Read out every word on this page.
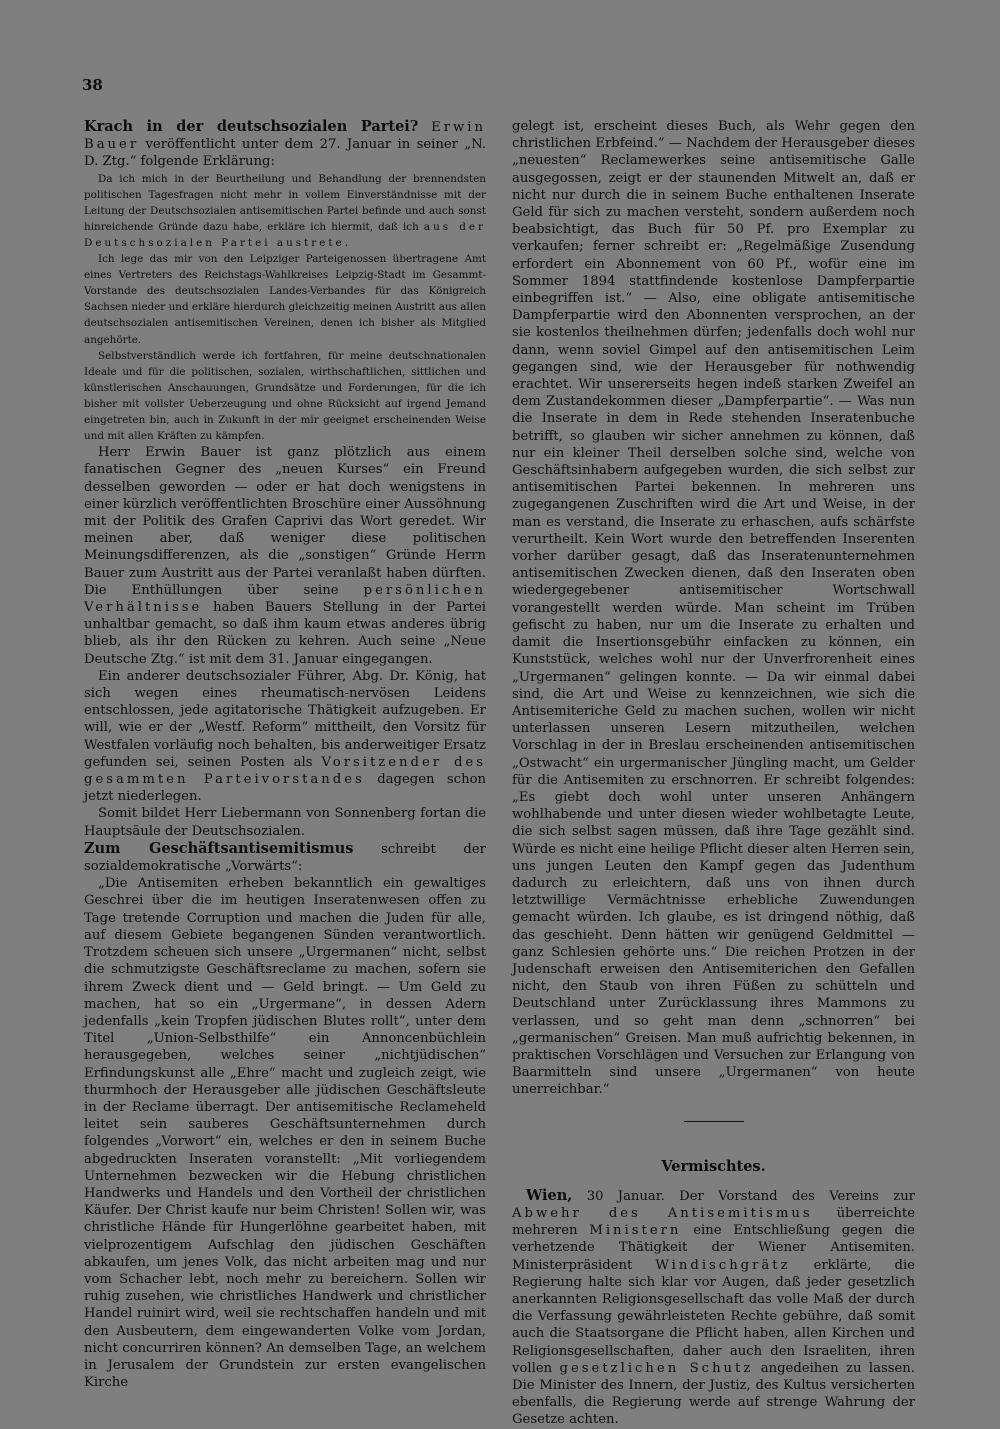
38

Krach in der deutschsozialen Partei? Erwin Bauer veröffentlicht unter dem 27. Januar in seiner „N. D. Ztg.“ folgende Erklärung:

Da ich mich in der Beurtheilung und Behandlung der brennendsten politischen Tagesfragen nicht mehr in vollem Einverständnisse mit der Leitung der Deutschsozialen antisemitischen Partei befinde und auch sonst hinreichende Gründe dazu habe, erkläre ich hiermit, daß ich aus der Deutschsozialen Partei austrete.

Ich lege das mir von den Leipziger Parteigenossen übertragene Amt eines Vertreters des Reichstags-Wahlkreises Leipzig-Stadt im Gesammt-Vorstande des deutschsozialen Landes-Verbandes für das Königreich Sachsen nieder und erkläre hierdurch gleichzeitig meinen Austritt aus allen deutschsozialen antisemitischen Vereinen, denen ich bisher als Mitglied angehörte.

Selbstverständlich werde ich fortfahren, für meine deutschnationalen Ideale und für die politischen, sozialen, wirthschaftlichen, sittlichen und künstlerischen Anschauungen, Grundsätze und Forderungen, für die ich bisher mit vollster Ueberzeugung und ohne Rücksicht auf irgend Jemand eingetreten bin, auch in Zukunft in der mir geeignet erscheinenden Weise und mit allen Kräften zu kämpfen.

Herr Erwin Bauer ist ganz plötzlich aus einem fanatischen Gegner des „neuen Kurses“ ein Freund desselben geworden — oder er hat doch wenigstens in einer kürzlich veröffentlichten Broschüre einer Aussöhnung mit der Politik des Grafen Caprivi das Wort geredet. Wir meinen aber, daß weniger diese politischen Meinungsdifferenzen, als die „sonstigen“ Gründe Herrn Bauer zum Austritt aus der Partei veranlaßt haben dürften. Die Enthüllungen über seine persönlichen Verhältnisse haben Bauers Stellung in der Partei unhaltbar gemacht, so daß ihm kaum etwas anderes übrig blieb, als ihr den Rücken zu kehren. Auch seine „Neue Deutsche Ztg.“ ist mit dem 31. Januar eingegangen.

Ein anderer deutschsozialer Führer, Abg. Dr. König, hat sich wegen eines rheumatisch-nervösen Leidens entschlossen, jede agitatorische Thätigkeit aufzugeben. Er will, wie er der „Westf. Reform“ mittheilt, den Vorsitz für Westfalen vorläufig noch behalten, bis anderweitiger Ersatz gefunden sei, seinen Posten als Vorsitzender des gesammten Parteivorstandes dagegen schon jetzt niederlegen.

Somit bildet Herr Liebermann von Sonnenberg fortan die Hauptsäule der Deutschsozialen.

Zum Geschäftsantisemitismus schreibt der sozialdemokratische „Vorwärts“:

„Die Antisemiten erheben bekanntlich ein gewaltiges Geschrei über die im heutigen Inseratenwesen offen zu Tage tretende Corruption und machen die Juden für alle, auf diesem Gebiete begangenen Sünden verantwortlich. Trotzdem scheuen sich unsere „Urgermanen“ nicht, selbst die schmutzigste Geschäftsreclame zu machen, sofern sie ihrem Zweck dient und — Geld bringt. — Um Geld zu machen, hat so ein „Urgermane“, in dessen Adern jedenfalls „kein Tropfen jüdischen Blutes rollt“, unter dem Titel „Union-Selbsthilfe“ ein Annoncenbüchlein herausgegeben, welches seiner „nichtjüdischen“ Erfindungskunst alle „Ehre“ macht und zugleich zeigt, wie thurmhoch der Herausgeber alle jüdischen Geschäftsleute in der Reclame überragt. Der antisemitische Reclameheld leitet sein sauberes Geschäftsunternehmen durch folgendes „Vorwort“ ein, welches er den in seinem Buche abgedruckten Inseraten voranstellt: „Mit vorliegendem Unternehmen bezwecken wir die Hebung christlichen Handwerks und Handels und den Vortheil der christlichen Käufer. Der Christ kaufe nur beim Christen! Sollen wir, was christliche Hände für Hungerlöhne gearbeitet haben, mit vielprozentigem Aufschlag den jüdischen Geschäften abkaufen, um jenes Volk, das nicht arbeiten mag und nur vom Schacher lebt, noch mehr zu bereichern. Sollen wir ruhig zusehen, wie christliches Handwerk und christlicher Handel ruinirt wird, weil sie rechtschaffen handeln und mit den Ausbeutern, dem eingewanderten Volke vom Jordan, nicht concurriren können? An demselben Tage, an welchem in Jerusalem der Grundstein zur ersten evangelischen Kirche

gelegt ist, erscheint dieses Buch, als Wehr gegen den christlichen Erbfeind.“ — Nachdem der Herausgeber dieses „neuesten“ Reclamewerkes seine antisemitische Galle ausgegossen, zeigt er der staunenden Mitwelt an, daß er nicht nur durch die in seinem Buche enthaltenen Inserate Geld für sich zu machen versteht, sondern außerdem noch beabsichtigt, das Buch für 50 Pf. pro Exemplar zu verkaufen; ferner schreibt er: „Regelmäßige Zusendung erfordert ein Abonnement von 60 Pf., wofür eine im Sommer 1894 stattfindende kostenlose Dampferpartie einbegriffen ist.“ — Also, eine obligate antisemitische Dampferpartie wird den Abonnenten versprochen, an der sie kostenlos theilnehmen dürfen; jedenfalls doch wohl nur dann, wenn soviel Gimpel auf den antisemitischen Leim gegangen sind, wie der Herausgeber für nothwendig erachtet. Wir unsererseits hegen indeß starken Zweifel an dem Zustandekommen dieser „Dampferpartie“. — Was nun die Inserate in dem in Rede stehenden Inseratenbuche betrifft, so glauben wir sicher annehmen zu können, daß nur ein kleiner Theil derselben solche sind, welche von Geschäftsinhabern aufgegeben wurden, die sich selbst zur antisemitischen Partei bekennen. In mehreren uns zugegangenen Zuschriften wird die Art und Weise, in der man es verstand, die Inserate zu erhaschen, aufs schärfste verurtheilt. Kein Wort wurde den betreffenden Inserenten vorher darüber gesagt, daß das Inseratenunternehmen antisemitischen Zwecken dienen, daß den Inseraten oben wiedergegebener antisemitischer Wortschwall vorangestellt werden würde. Man scheint im Trüben gefischt zu haben, nur um die Inserate zu erhalten und damit die Insertionsgebühr einfacken zu können, ein Kunststück, welches wohl nur der Unverfrorenheit eines „Urgermanen“ gelingen konnte. — Da wir einmal dabei sind, die Art und Weise zu kennzeichnen, wie sich die Antisemiteriche Geld zu machen suchen, wollen wir nicht unterlassen unseren Lesern mitzutheilen, welchen Vorschlag in der in Breslau erscheinenden antisemitischen „Ostwacht“ ein urgermanischer Jüngling macht, um Gelder für die Antisemiten zu erschnorren. Er schreibt folgendes: „Es giebt doch wohl unter unseren Anhängern wohlhabende und unter diesen wieder wohlbetagte Leute, die sich selbst sagen müssen, daß ihre Tage gezählt sind. Würde es nicht eine heilige Pflicht dieser alten Herren sein, uns jungen Leuten den Kampf gegen das Judenthum dadurch zu erleichtern, daß uns von ihnen durch letztwillige Vermächtnisse erhebliche Zuwendungen gemacht würden. Ich glaube, es ist dringend nöthig, daß das geschieht. Denn hätten wir genügend Geldmittel — ganz Schlesien gehörte uns.“ Die reichen Protzen in der Judenschaft erweisen den Antisemiterichen den Gefallen nicht, den Staub von ihren Füßen zu schütteln und Deutschland unter Zurücklassung ihres Mammons zu verlassen, und so geht man denn „schnorren“ bei „germanischen“ Greisen. Man muß aufrichtig bekennen, in praktischen Vorschlägen und Versuchen zur Erlangung von Baarmitteln sind unsere „Urgermanen“ von heute unerreichbar.“

Vermischtes.

Wien, 30 Januar. Der Vorstand des Vereins zur Abwehr des Antisemitismus überreichte mehreren Ministern eine Entschließung gegen die verhetzende Thätigkeit der Wiener Antisemiten. Ministerpräsident Windischgrätz erklärte, die Regierung halte sich klar vor Augen, daß jeder gesetzlich anerkannten Religionsgesellschaft das volle Maß der durch die Verfassung gewährleisteten Rechte gebühre, daß somit auch die Staatsorgane die Pflicht haben, allen Kirchen und Religionsgesellschaften, daher auch den Israeliten, ihren vollen gesetzlichen Schutz angedeihen zu lassen. Die Minister des Innern, der Justiz, des Kultus versicherten ebenfalls, die Regierung werde auf strenge Wahrung der Gesetze achten.
